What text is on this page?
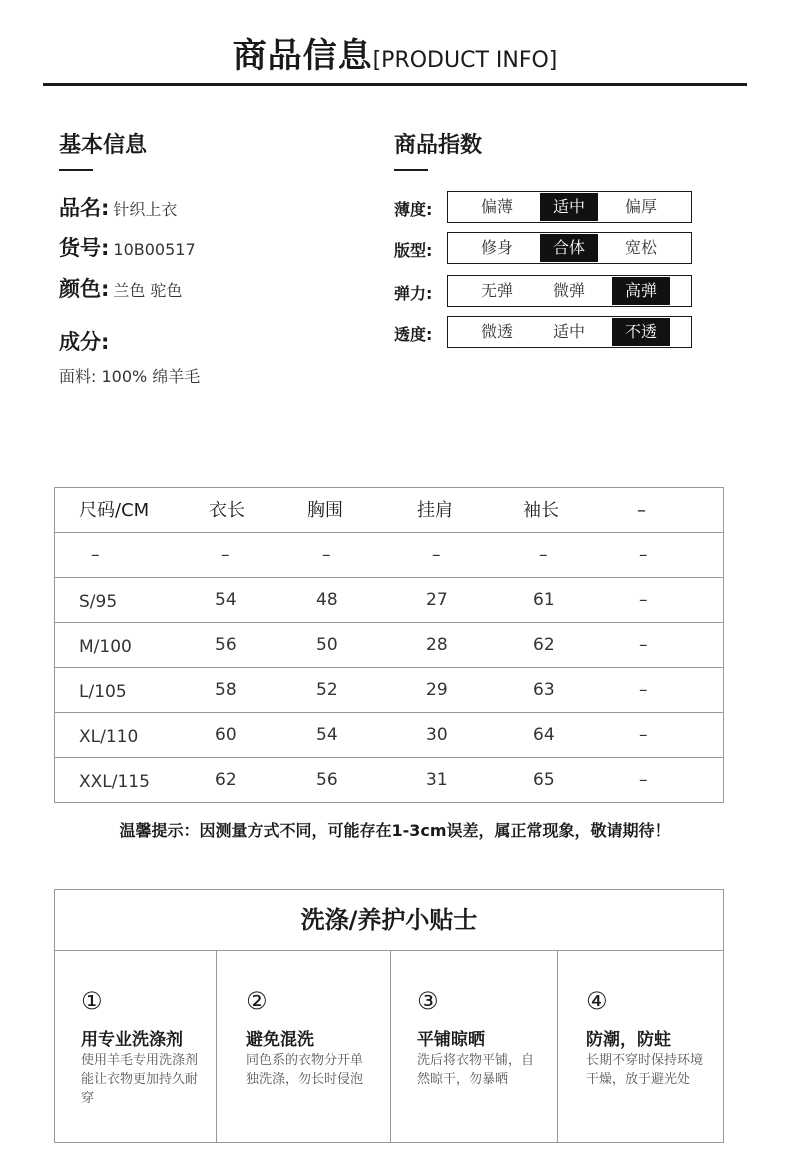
商品信息[PRODUCT INFO]
基本信息
品名: 针织上衣
货号: 10B00517
颜色: 兰色 驼色
成分:
面料: 100% 绵羊毛
商品指数
薄度:	偏薄	适中	偏厚
版型:	修身	合体	宽松
弹力:	无弹	微弹	高弹
透度:	微透	适中	不透
尺码/CM	衣长	胸围	挂肩	袖长	–
–	–	–	–	–	–
S/95	54	48	27	61	–
M/100	56	50	28	62	–
L/105	58	52	29	63	–
XL/110	60	54	30	64	–
XXL/115	62	56	31	65	–
温馨提示：因测量方式不同，可能存在1-3cm误差，属正常现象，敬请期待！
洗涤/养护小贴士
①
用专业洗涤剂
使用羊毛专用洗涤剂能让衣物更加持久耐穿
②
避免混洗
同色系的衣物分开单独洗涤，勿长时侵泡
③
平铺晾晒
洗后将衣物平铺，自然晾干，勿暴晒
④
防潮，防蛀
长期不穿时保持环境干燥，放于避光处
